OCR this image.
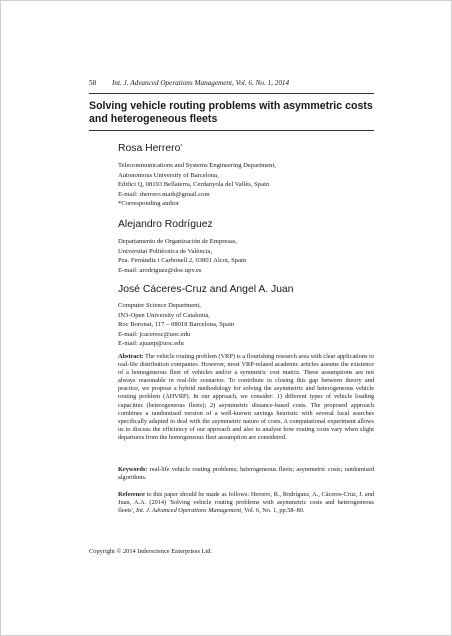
58 Int. J. Advanced Operations Management, Vol. 6, No. 1, 2014
Solving vehicle routing problems with asymmetric costs and heterogeneous fleets
Rosa Herrero*
Telecommunications and Systems Engineering Department,
Autonomous University of Barcelona,
Edifici Q, 08193 Bellaterra, Cerdanyola del Vallès, Spain
E-mail: rherrero.math@gmail.com
*Corresponding author
Alejandro Rodríguez
Departamento de Organización de Empresas,
Universitat Politècnica de València,
Pza. Ferrándiz i Carbonell 2, 03801 Alcoi, Spain
E-mail: arodriguez@doe.upv.es
José Cáceres-Cruz and Angel A. Juan
Computer Science Department,
IN3-Open University of Catalonia,
Roc Boronat, 117 – 08018 Barcelona, Spain
E-mail: jcaceresc@uoc.edu
E-mail: ajuanp@uoc.edu
Abstract: The vehicle routing problem (VRP) is a flourishing research area with clear applications to real-life distribution companies. However, most VRP-related academic articles assume the existence of a homogeneous fleet of vehicles and/or a symmetric cost matrix. These assumptions are not always reasonable in real-life scenarios. To contribute in closing this gap between theory and practice, we propose a hybrid methodology for solving the asymmetric and heterogeneous vehicle routing problem (AHVRP). In our approach, we consider: 1) different types of vehicle loading capacities (heterogeneous fleets); 2) asymmetric distance-based costs. The proposed approach combines a randomised version of a well-known savings heuristic with several local searches specifically adapted to deal with the asymmetric nature of costs. A computational experiment allows us to discuss the efficiency of our approach and also to analyse how routing costs vary when slight departures from the homogeneous fleet assumption are considered.
Keywords: real-life vehicle routing problems; heterogeneous fleets; asymmetric costs; randomised algorithms.
Reference to this paper should be made as follows: Herrero, R., Rodríguez, A., Cáceres-Cruz, J. and Juan, A.A. (2014) 'Solving vehicle routing problems with asymmetric costs and heterogeneous fleets', Int. J. Advanced Operations Management, Vol. 6, No. 1, pp.58–80.
Copyright © 2014 Inderscience Enterprises Ltd.
